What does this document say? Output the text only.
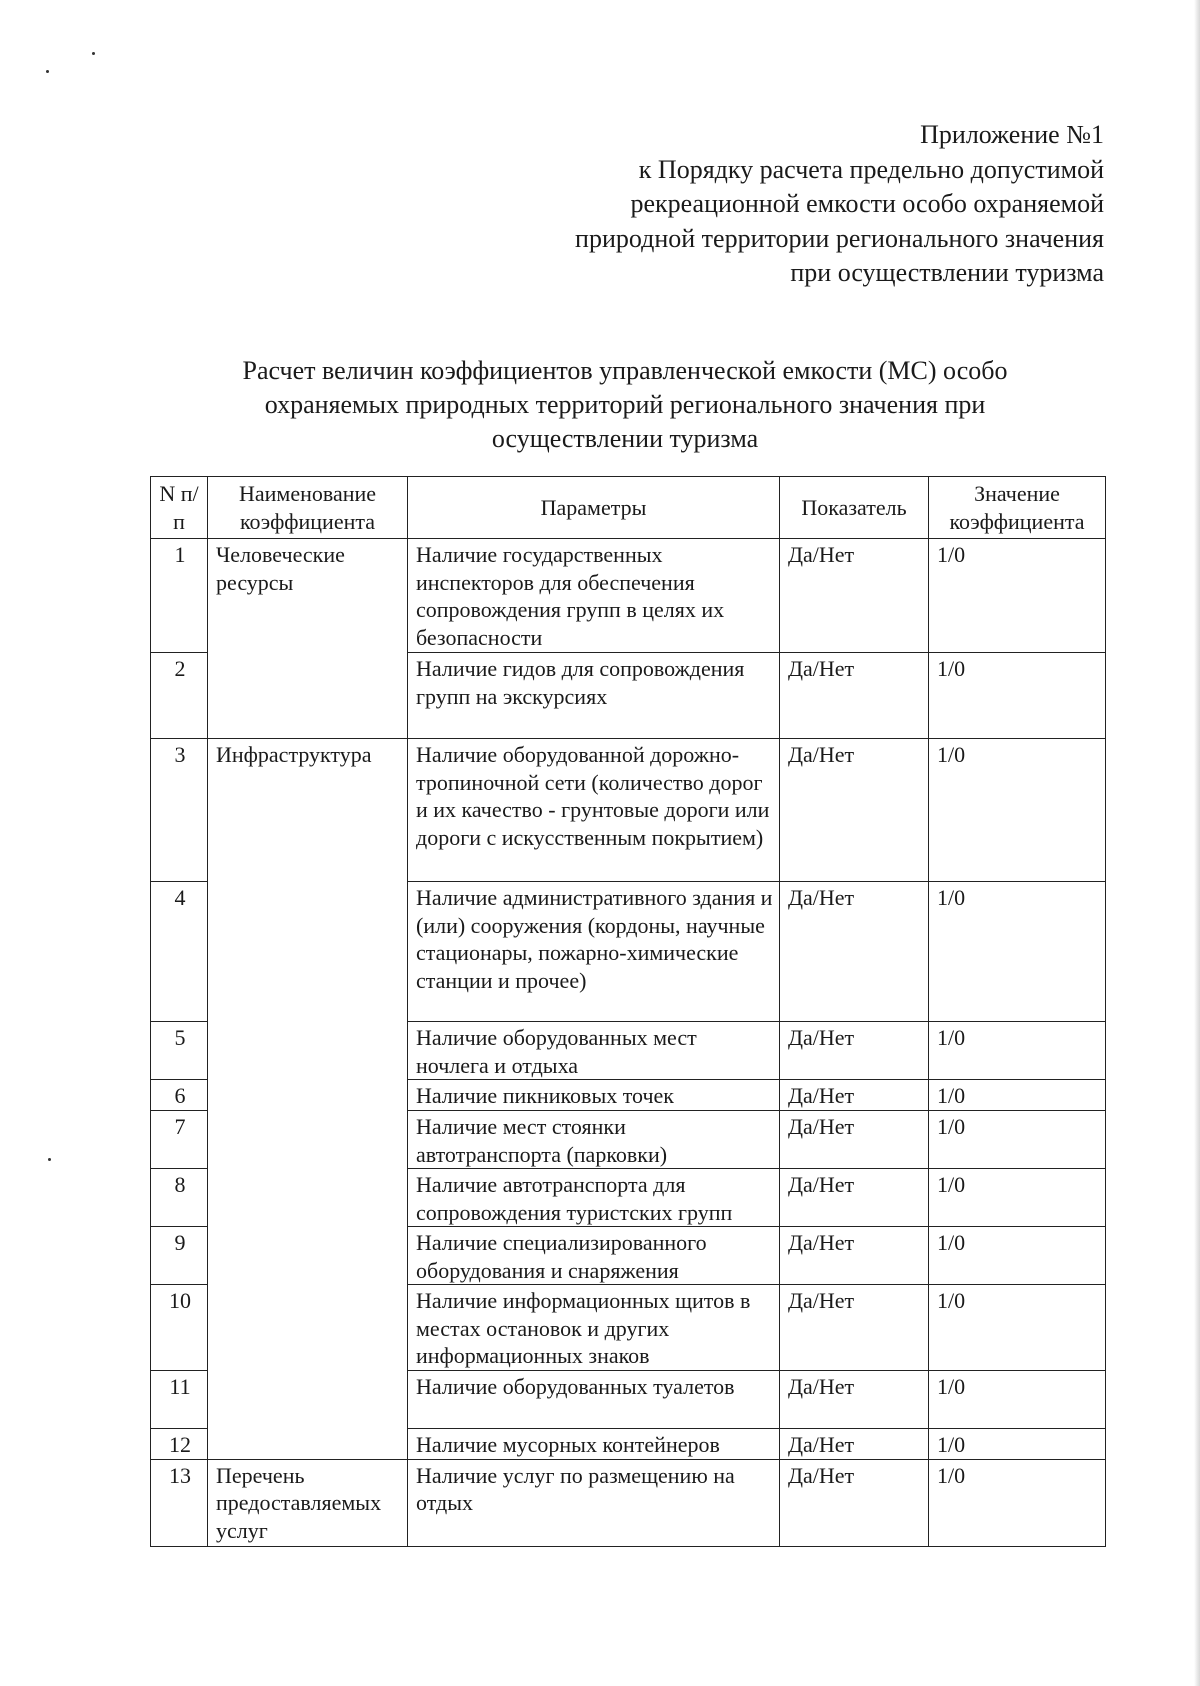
Приложение №1
к Порядку расчета предельно допустимой
рекреационной емкости особо охраняемой
природной территории регионального значения
при осуществлении туризма
Расчет величин коэффициентов управленческой емкости (МС) особо
охраняемых природных территорий регионального значения при
осуществлении туризма
N п/п	Наименование коэффициента	Параметры	Показатель	Значение коэффициента
1	Человеческие ресурсы	Наличие государственных инспекторов для обеспечения сопровождения групп в целях их безопасности	Да/Нет	1/0
2		Наличие гидов для сопровождения групп на экскурсиях	Да/Нет	1/0
3	Инфраструктура	Наличие оборудованной дорожно-тропиночной сети (количество дорог и их качество - грунтовые дороги или дороги с искусственным покрытием)	Да/Нет	1/0
4		Наличие административного здания и (или) сооружения (кордоны, научные стационары, пожарно-химические станции и прочее)	Да/Нет	1/0
5		Наличие оборудованных мест ночлега и отдыха	Да/Нет	1/0
6		Наличие пикниковых точек	Да/Нет	1/0
7		Наличие мест стоянки автотранспорта (парковки)	Да/Нет	1/0
8		Наличие автотранспорта для сопровождения туристских групп	Да/Нет	1/0
9		Наличие специализированного оборудования и снаряжения	Да/Нет	1/0
10		Наличие информационных щитов в местах остановок и других информационных знаков	Да/Нет	1/0
11		Наличие оборудованных туалетов	Да/Нет	1/0
12		Наличие мусорных контейнеров	Да/Нет	1/0
13	Перечень предоставляемых услуг	Наличие услуг по размещению на отдых	Да/Нет	1/0
